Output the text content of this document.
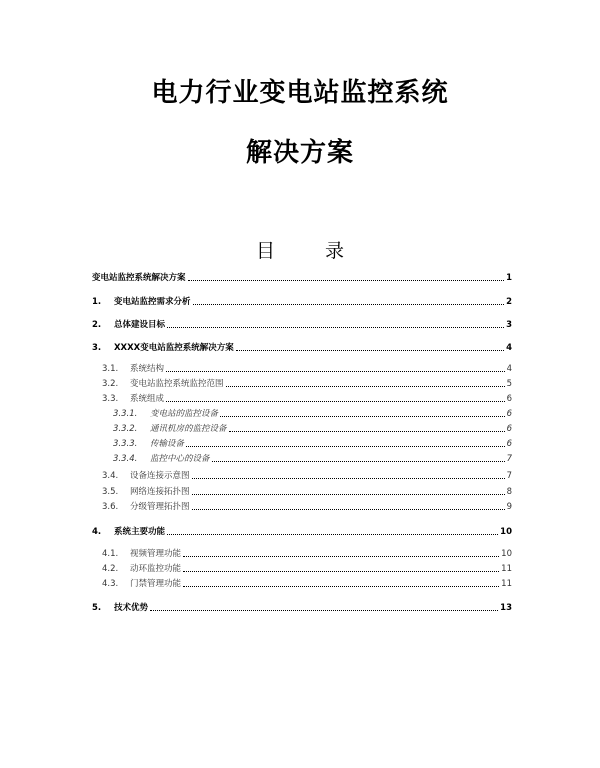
电力行业变电站监控系统
解决方案
目 录
变电站监控系统解决方案	1
1.	变电站监控需求分析	2
2.	总体建设目标	3
3.	XXXX变电站监控系统解决方案	4
3.1.	系统结构	4
3.2.	变电站监控系统监控范围	5
3.3.	系统组成	6
3.3.1.	变电站的监控设备	6
3.3.2.	通讯机房的监控设备	6
3.3.3.	传输设备	6
3.3.4.	监控中心的设备	7
3.4.	设备连接示意图	7
3.5.	网络连接拓扑图	8
3.6.	分级管理拓扑图	9
4.	系统主要功能	10
4.1.	视频管理功能	10
4.2.	动环监控功能	11
4.3.	门禁管理功能	11
5.	技术优势	13
